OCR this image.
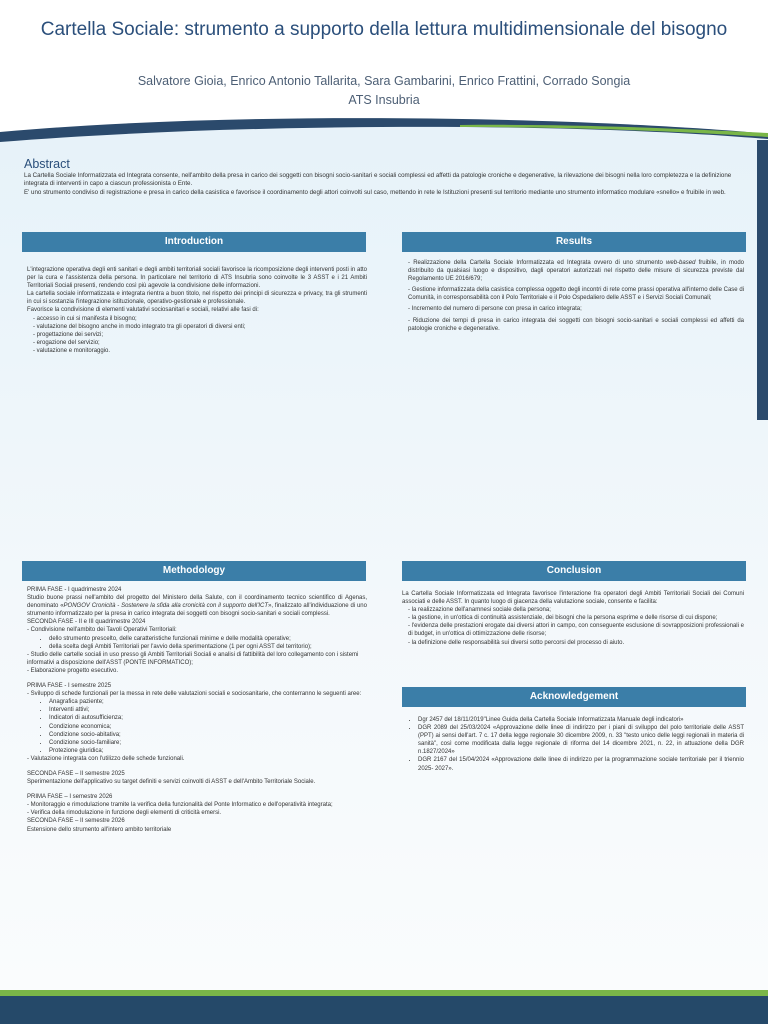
Cartella Sociale: strumento a supporto della lettura multidimensionale del bisogno
Salvatore Gioia, Enrico Antonio Tallarita, Sara Gambarini, Enrico Frattini, Corrado Songia
ATS Insubria
Abstract

La Cartella Sociale Informatizzata ed Integrata consente, nell'ambito della presa in carico dei soggetti con bisogni socio-sanitari e sociali complessi ed affetti da patologie croniche e degenerative, la rilevazione dei bisogni nella loro completezza e la definizione integrata di interventi in capo a ciascun professionista o Ente.

E' uno strumento condiviso di registrazione e presa in carico della casistica e favorisce il coordinamento degli attori coinvolti sul caso, mettendo in rete le Istituzioni presenti sul territorio mediante uno strumento informatico modulare «snello» e fruibile in web.

Introduction

L'integrazione operativa degli enti sanitari e degli ambiti territoriali sociali favorisce la ricomposizione degli interventi posti in atto per la cura e l'assistenza della persona. In particolare nel territorio di ATS Insubria sono coinvolte le 3 ASST e i 21 Ambiti Territoriali Sociali presenti, rendendo così più agevole la condivisione delle informazioni.

La cartella sociale informatizzata e integrata rientra a buon titolo, nel rispetto dei principi di sicurezza e privacy, tra gli strumenti in cui si sostanzia l'integrazione istituzionale, operativo-gestionale e professionale.

Favorisce la condivisione di elementi valutativi sociosanitari e sociali, relativi alle fasi di:

- accesso in cui si manifesta il bisogno;
- valutazione del bisogno anche in modo integrato tra gli operatori di diversi enti;
- progettazione dei servizi;
- erogazione del servizio;
- valutazione e monitoraggio.
Results
- Realizzazione della Cartella Sociale Informatizzata ed Integrata ovvero di uno strumento web-based fruibile, in modo distribuito da qualsiasi luogo e dispositivo, dagli operatori autorizzati nel rispetto delle misure di sicurezza previste dal Regolamento UE 2016/679;
- Gestione informatizzata della casistica complessa oggetto degli incontri di rete come prassi operativa all'interno delle Case di Comunità, in corresponsabilità con il Polo Territoriale e il Polo Ospedaliero delle ASST e i Servizi Sociali Comunali;
- Incremento del numero di persone con presa in carico integrata;
- Riduzione dei tempi di presa in carico integrata dei soggetti con bisogni socio-sanitari e sociali complessi ed affetti da patologie croniche e degenerative.
Methodology

PRIMA FASE - I quadrimestre 2024

Studio buone prassi nell'ambito del progetto del Ministero della Salute, con il coordinamento tecnico scientifico di Agenas, denominato «PONGOV Cronicità - Sostenere la sfida alla cronicità con il supporto dell'ICT», finalizzato all'individuazione di uno strumento informatizzato per la presa in carico integrata dei soggetti con bisogni socio-sanitari e sociali complessi.

SECONDA FASE - II e III quadrimestre 2024

- Condivisione nell'ambito dei Tavoli Operativi Territoriali:

• dello strumento prescelto, delle caratteristiche funzionali minime e delle modalità operative;
• della scelta degli Ambiti Territoriali per l'avvio della sperimentazione (1 per ogni ASST del territorio);

- Studio delle cartelle sociali in uso presso gli Ambiti Territoriali Sociali e analisi di fattibilità del loro collegamento con i sistemi informativi a disposizione dell'ASST (PONTE INFORMATICO);

- Elaborazione progetto esecutivo.

PRIMA FASE - I semestre 2025

- Sviluppo di schede funzionali per la messa in rete delle valutazioni sociali e sociosanitarie, che conterranno le seguenti aree:

• Anagrafica paziente;
• Interventi attivi;
• Indicatori di autosufficienza;
• Condizione economica;
• Condizione socio-abitativa;
• Condizione socio-familiare;
• Protezione giuridica;

- Valutazione integrata con l'utilizzo delle schede funzionali.

SECONDA FASE – II semestre 2025

Sperimentazione dell'applicativo su target definiti e servizi coinvolti di ASST e dell'Ambito Territoriale Sociale.

PRIMA FASE – I semestre 2026

- Monitoraggio e rimodulazione tramite la verifica della funzionalità del Ponte Informatico e dell'operatività integrata;

- Verifica della rimodulazione in funzione degli elementi di criticità emersi.

SECONDA FASE – II semestre 2026

Estensione dello strumento all'intero ambito territoriale

Conclusion

La Cartella Sociale Informatizzata ed Integrata favorisce l'interazione fra operatori degli Ambiti Territoriali Sociali dei Comuni associati e delle ASST. In quanto luogo di giacenza della valutazione sociale, consente e facilita:

- la realizzazione dell'anamnesi sociale della persona;
- la gestione, in un'ottica di continuità assistenziale, dei bisogni che la persona esprime e delle risorse di cui dispone;
- l'evidenza delle prestazioni erogate dai diversi attori in campo, con conseguente esclusione di sovrapposizioni professionali e di budget, in un'ottica di ottimizzazione delle risorse;
- la definizione delle responsabilità sui diversi sotto percorsi del processo di aiuto.
Acknowledgement
• Dgr 2457 del 18/11/2019"Linee Guida della Cartella Sociale Informatizzata Manuale degli indicatori»
• DGR 2089 del 25/03/2024 «Approvazione delle linee di indirizzo per i piani di sviluppo del polo territoriale delle ASST (PPT) ai sensi dell'art. 7 c. 17 della legge regionale 30 dicembre 2009, n. 33 "testo unico delle leggi regionali in materia di sanità", così come modificata dalla legge regionale di riforma del 14 dicembre 2021, n. 22, in attuazione della DGR n.1827/2024»
• DGR 2167 del 15/04/2024 «Approvazione delle linee di indirizzo per la programmazione sociale territoriale per il triennio 2025- 2027».
